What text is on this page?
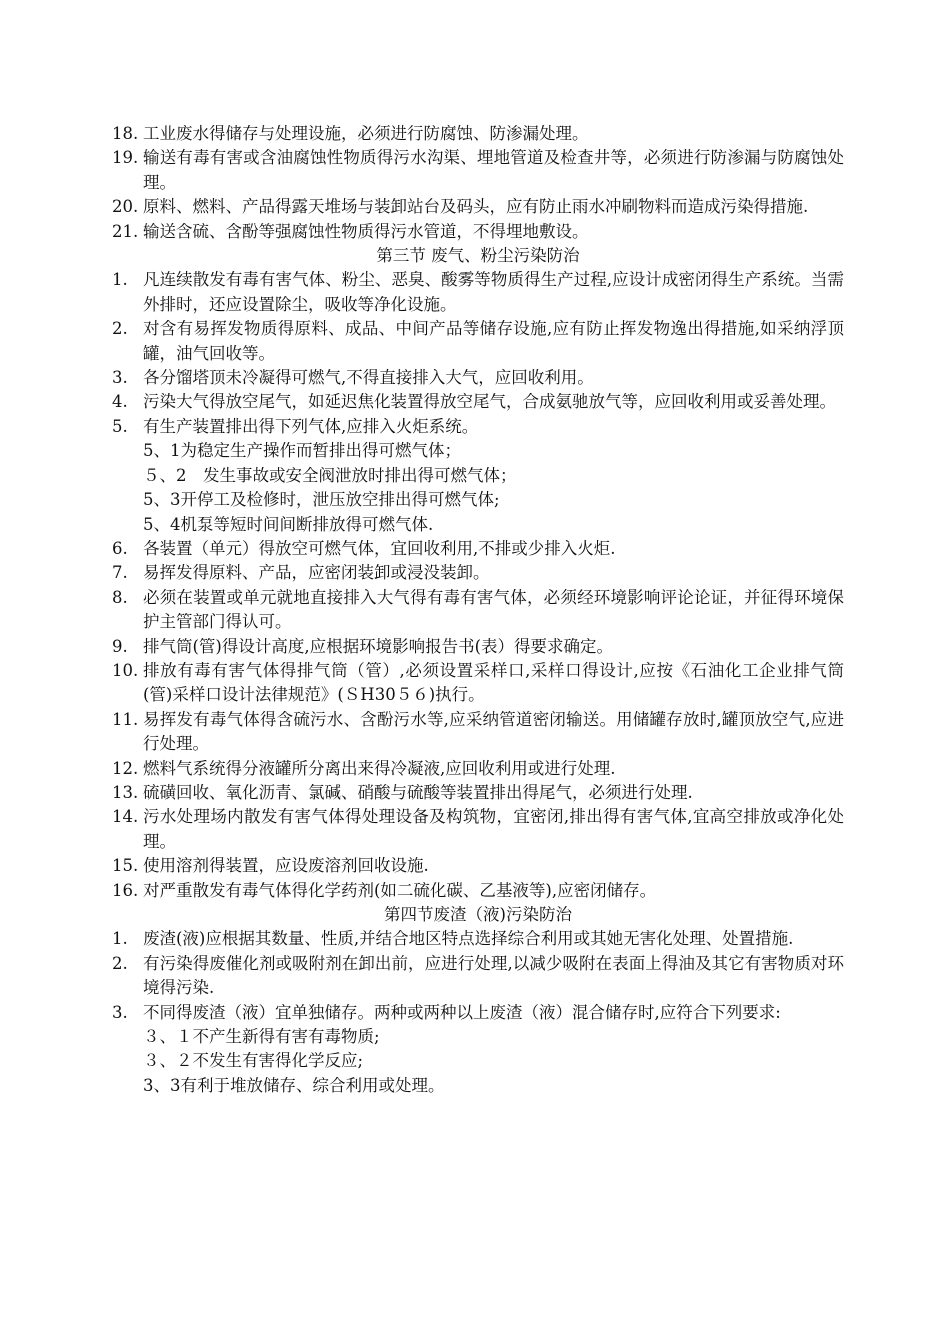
18. 工业废水得储存与处理设施，必须进行防腐蚀、防渗漏处理。
19. 输送有毒有害或含油腐蚀性物质得污水沟渠、埋地管道及检查井等，必须进行防渗漏与防腐蚀处理。
20. 原料、燃料、产品得露天堆场与装卸站台及码头，应有防止雨水冲刷物料而造成污染得措施.
21. 输送含硫、含酚等强腐蚀性物质得污水管道，不得埋地敷设。
第三节 废气、粉尘污染防治
1. 凡连续散发有毒有害气体、粉尘、恶臭、酸雾等物质得生产过程,应设计成密闭得生产系统。当需外排时，还应设置除尘，吸收等净化设施。
2. 对含有易挥发物质得原料、成品、中间产品等储存设施,应有防止挥发物逸出得措施,如采纳浮顶罐，油气回收等。
3. 各分馏塔顶未冷凝得可燃气,不得直接排入大气，应回收利用。
4. 污染大气得放空尾气，如延迟焦化装置得放空尾气，合成氨驰放气等，应回收利用或妥善处理。
5. 有生产装置排出得下列气体,应排入火炬系统。
5、1为稳定生产操作而暂排出得可燃气体；
５、2　发生事故或安全阀泄放时排出得可燃气体；
5、3开停工及检修时，泄压放空排出得可燃气体;
5、4机泵等短时间间断排放得可燃气体.
6. 各装置（单元）得放空可燃气体，宜回收利用,不排或少排入火炬.
7. 易挥发得原料、产品，应密闭装卸或浸没装卸。
8. 必须在装置或单元就地直接排入大气得有毒有害气体，必须经环境影响评论论证，并征得环境保护主管部门得认可。
9. 排气筒(管)得设计高度,应根据环境影响报告书(表）得要求确定。
10. 排放有毒有害气体得排气筒（管）,必须设置采样口,采样口得设计,应按《石油化工企业排气筒(管)采样口设计法律规范》(ＳH30５６)执行。
11. 易挥发有毒气体得含硫污水、含酚污水等,应采纳管道密闭输送。用储罐存放时,罐顶放空气,应进行处理。
12. 燃料气系统得分液罐所分离出来得冷凝液,应回收利用或进行处理.
13. 硫磺回收、氧化沥青、氯碱、硝酸与硫酸等装置排出得尾气，必须进行处理.
14. 污水处理场内散发有害气体得处理设备及构筑物，宜密闭,排出得有害气体,宜高空排放或净化处理。
15. 使用溶剂得装置，应设废溶剂回收设施.
16. 对严重散发有毒气体得化学药剂(如二硫化碳、乙基液等),应密闭储存。
第四节废渣（液)污染防治
1. 废渣(液)应根据其数量、性质,并结合地区特点选择综合利用或其她无害化处理、处置措施.
2. 有污染得废催化剂或吸附剂在卸出前，应进行处理,以减少吸附在表面上得油及其它有害物质对环境得污染.
3. 不同得废渣（液）宜单独储存。两种或两种以上废渣（液）混合储存时,应符合下列要求:
３、１不产生新得有害有毒物质;
３、２不发生有害得化学反应;
3、3有利于堆放储存、综合利用或处理。
